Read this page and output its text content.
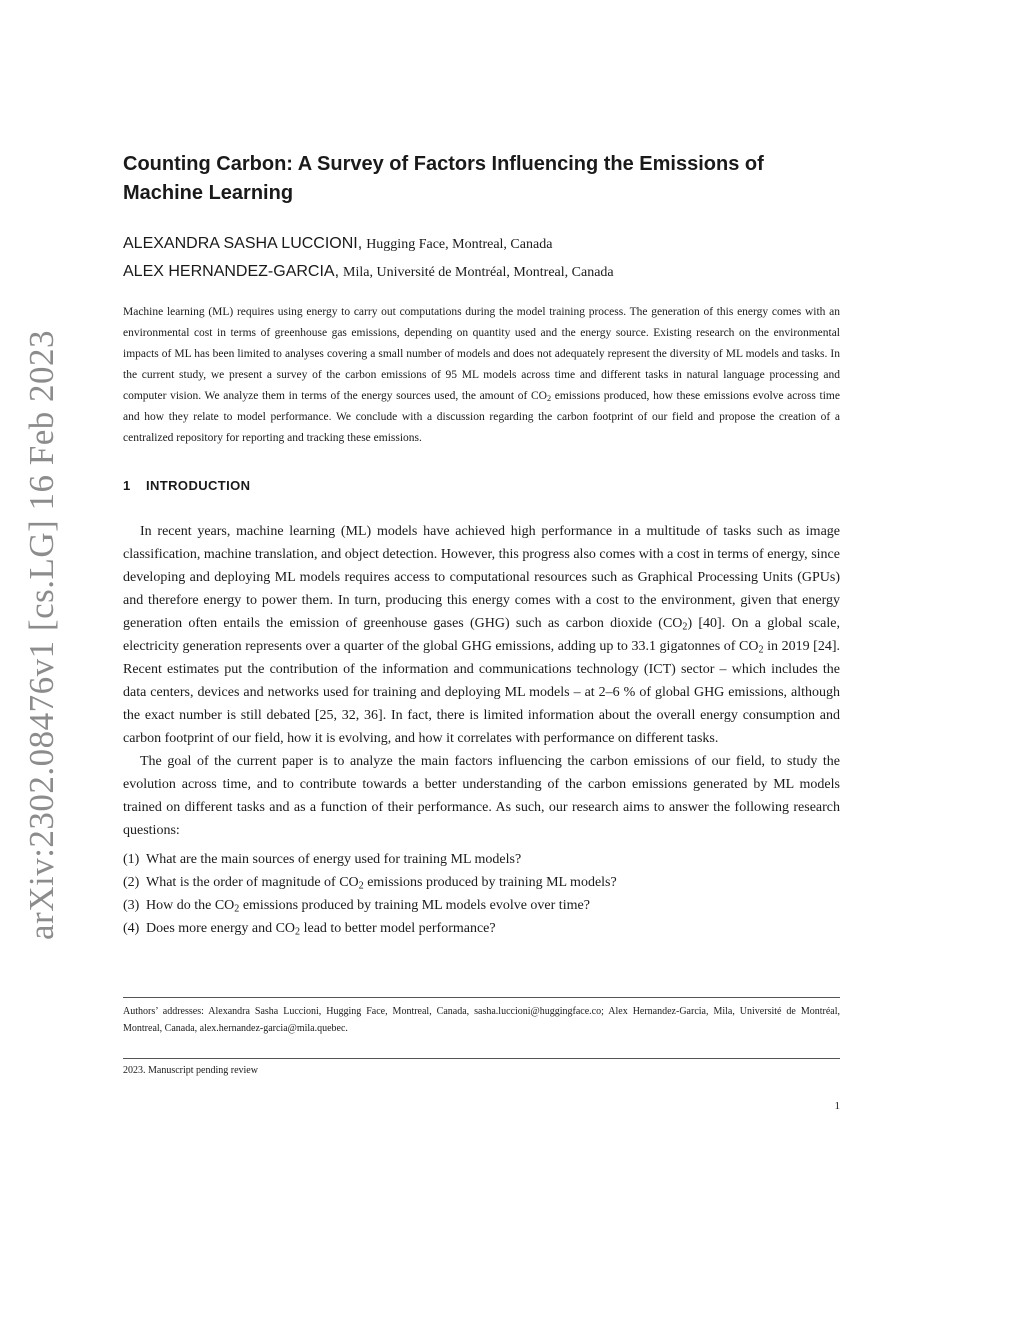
arXiv:2302.08476v1 [cs.LG] 16 Feb 2023
Counting Carbon: A Survey of Factors Influencing the Emissions of Machine Learning
ALEXANDRA SASHA LUCCIONI, Hugging Face, Montreal, Canada
ALEX HERNANDEZ-GARCIA, Mila, Université de Montréal, Montreal, Canada

Machine learning (ML) requires using energy to carry out computations during the model training process. The generation of this energy comes with an environmental cost in terms of greenhouse gas emissions, depending on quantity used and the energy source. Existing research on the environmental impacts of ML has been limited to analyses covering a small number of models and does not adequately represent the diversity of ML models and tasks. In the current study, we present a survey of the carbon emissions of 95 ML models across time and different tasks in natural language processing and computer vision. We analyze them in terms of the energy sources used, the amount of $CO_2$ emissions produced, how these emissions evolve across time and how they relate to model performance. We conclude with a discussion regarding the carbon footprint of our field and propose the creation of a centralized repository for reporting and tracking these emissions.

1 INTRODUCTION

In recent years, machine learning (ML) models have achieved high performance in a multitude of tasks such as image classification, machine translation, and object detection. However, this progress also comes with a cost in terms of energy, since developing and deploying ML models requires access to computational resources such as Graphical Processing Units (GPUs) and therefore energy to power them. In turn, producing this energy comes with a cost to the environment, given that energy generation often entails the emission of greenhouse gases (GHG) such as carbon dioxide $(CO_2)$ [40]. On a global scale, electricity generation represents over a quarter of the global GHG emissions, adding up to 33.1 gigatonnes of $CO_2$ in 2019 [24]. Recent estimates put the contribution of the information and communications technology (ICT) sector – which includes the data centers, devices and networks used for training and deploying ML models – at 2–6 % of global GHG emissions, although the exact number is still debated [25, 32, 36]. In fact, there is limited information about the overall energy consumption and carbon footprint of our field, how it is evolving, and how it correlates with performance on different tasks.

The goal of the current paper is to analyze the main factors influencing the carbon emissions of our field, to study the evolution across time, and to contribute towards a better understanding of the carbon emissions generated by ML models trained on different tasks and as a function of their performance. As such, our research aims to answer the following research questions:

(1) What are the main sources of energy used for training ML models?
(2) What is the order of magnitude of $CO_2$ emissions produced by training ML models?
(3) How do the $CO_2$ emissions produced by training ML models evolve over time?
(4) Does more energy and $CO_2$ lead to better model performance?
Authors’ addresses: Alexandra Sasha Luccioni, Hugging Face, Montreal, Canada, sasha.luccioni@huggingface.co; Alex Hernandez-Garcia, Mila, Université de Montréal, Montreal, Canada, alex.hernandez-garcia@mila.quebec.
2023. Manuscript pending review
1
